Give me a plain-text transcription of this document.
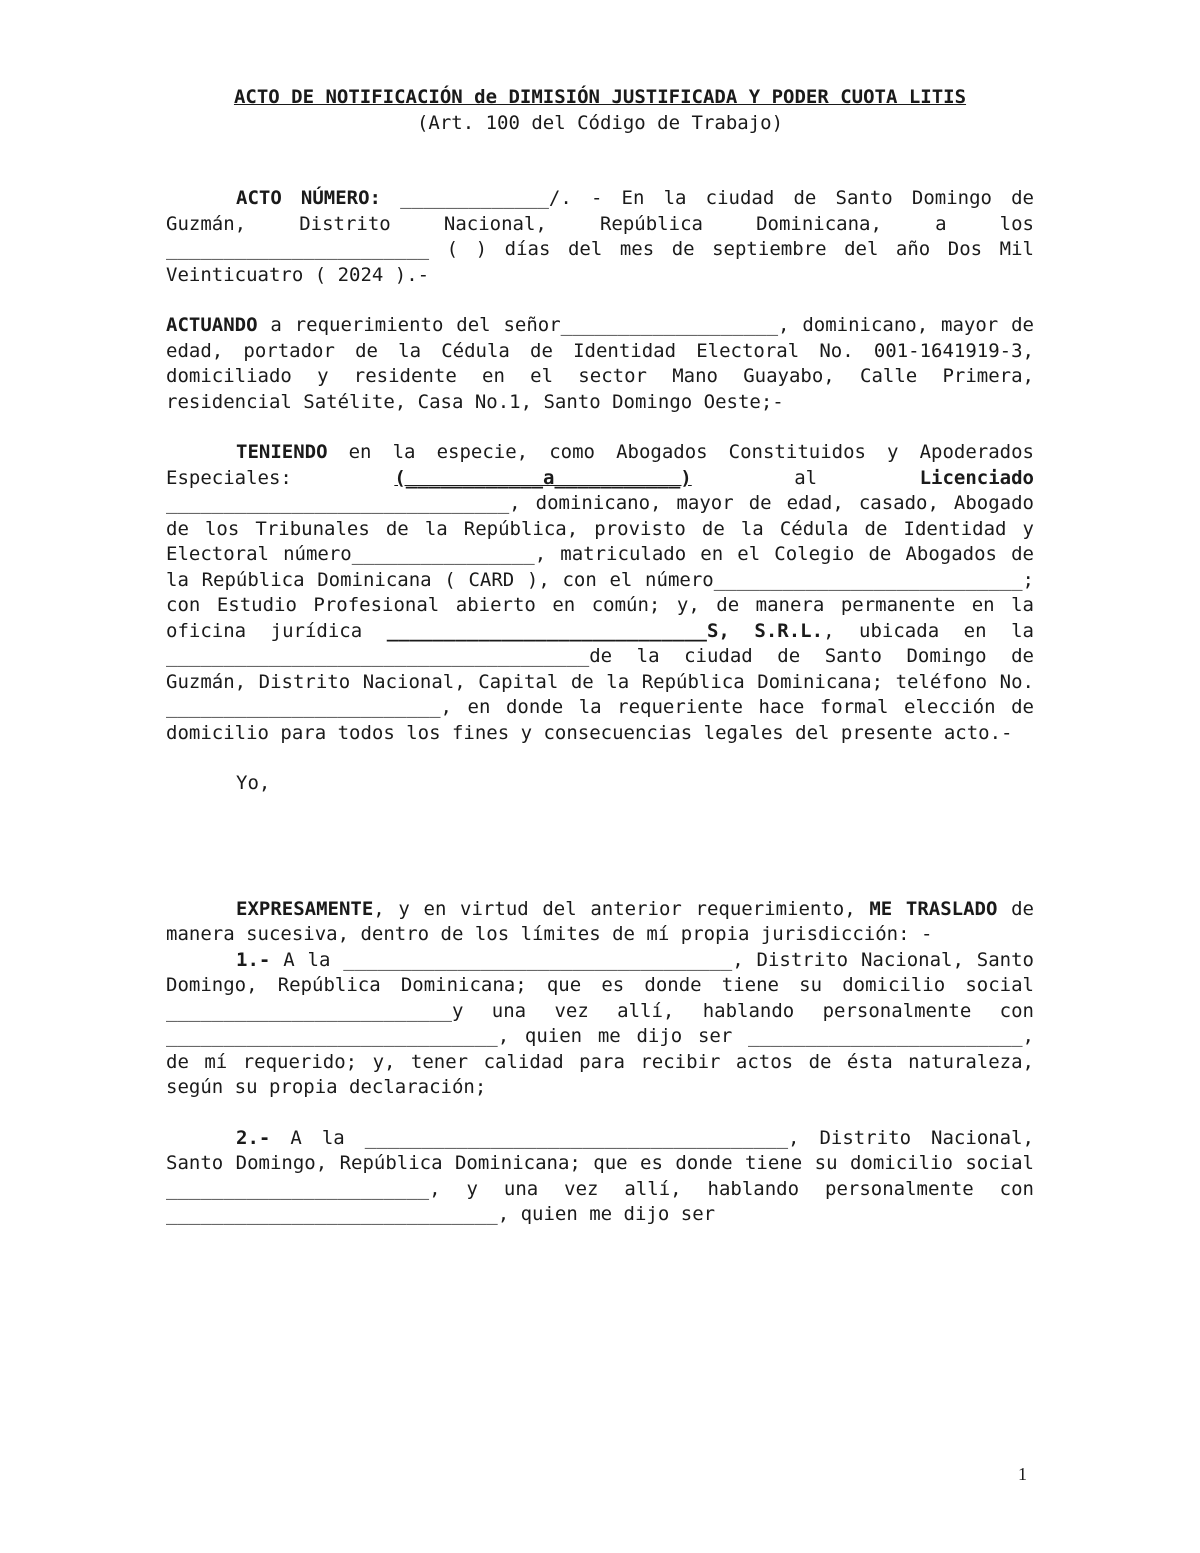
ACTO DE NOTIFICACIÓN de DIMISIÓN JUSTIFICADA Y PODER CUOTA LITIS
(Art. 100 del Código de Trabajo)

ACTO NÚMERO: _____________/. - En la ciudad de Santo Domingo de Guzmán, Distrito Nacional, República Dominicana, a los _______________________ ( ) días del mes de septiembre del año Dos Mil Veinticuatro ( 2024 ).-

ACTUANDO a requerimiento del señor___________________, dominicano, mayor de edad, portador de la Cédula de Identidad Electoral No. 001-1641919-3, domiciliado y residente en el sector Mano Guayabo, Calle Primera, residencial Satélite, Casa No.1, Santo Domingo Oeste;-

TENIENDO en la especie, como Abogados Constituidos y Apoderados Especiales: (____________a___________) al Licenciado ______________________________, dominicano, mayor de edad, casado, Abogado de los Tribunales de la República, provisto de la Cédula de Identidad y Electoral número________________, matriculado en el Colegio de Abogados de la República Dominicana ( CARD ), con el número___________________________; con Estudio Profesional abierto en común; y, de manera permanente en la oficina jurídica ____________________________S, S.R.L., ubicada en la _____________________________________de la ciudad de Santo Domingo de Guzmán, Distrito Nacional, Capital de la República Dominicana; teléfono No. ________________________, en donde la requeriente hace formal elección de domicilio para todos los fines y consecuencias legales del presente acto.-

Yo,

EXPRESAMENTE, y en virtud del anterior requerimiento, ME TRASLADO de manera sucesiva, dentro de los límites de mí propia jurisdicción: -

1.- A la __________________________________, Distrito Nacional, Santo Domingo, República Dominicana; que es donde tiene su domicilio social _________________________y una vez allí, hablando personalmente con _____________________________, quien me dijo ser ________________________, de mí requerido; y, tener calidad para recibir actos de ésta naturaleza, según su propia declaración;

2.- A la _____________________________________, Distrito Nacional, Santo Domingo, República Dominicana; que es donde tiene su domicilio social _______________________, y una vez allí, hablando personalmente con _____________________________, quien me dijo ser

1
